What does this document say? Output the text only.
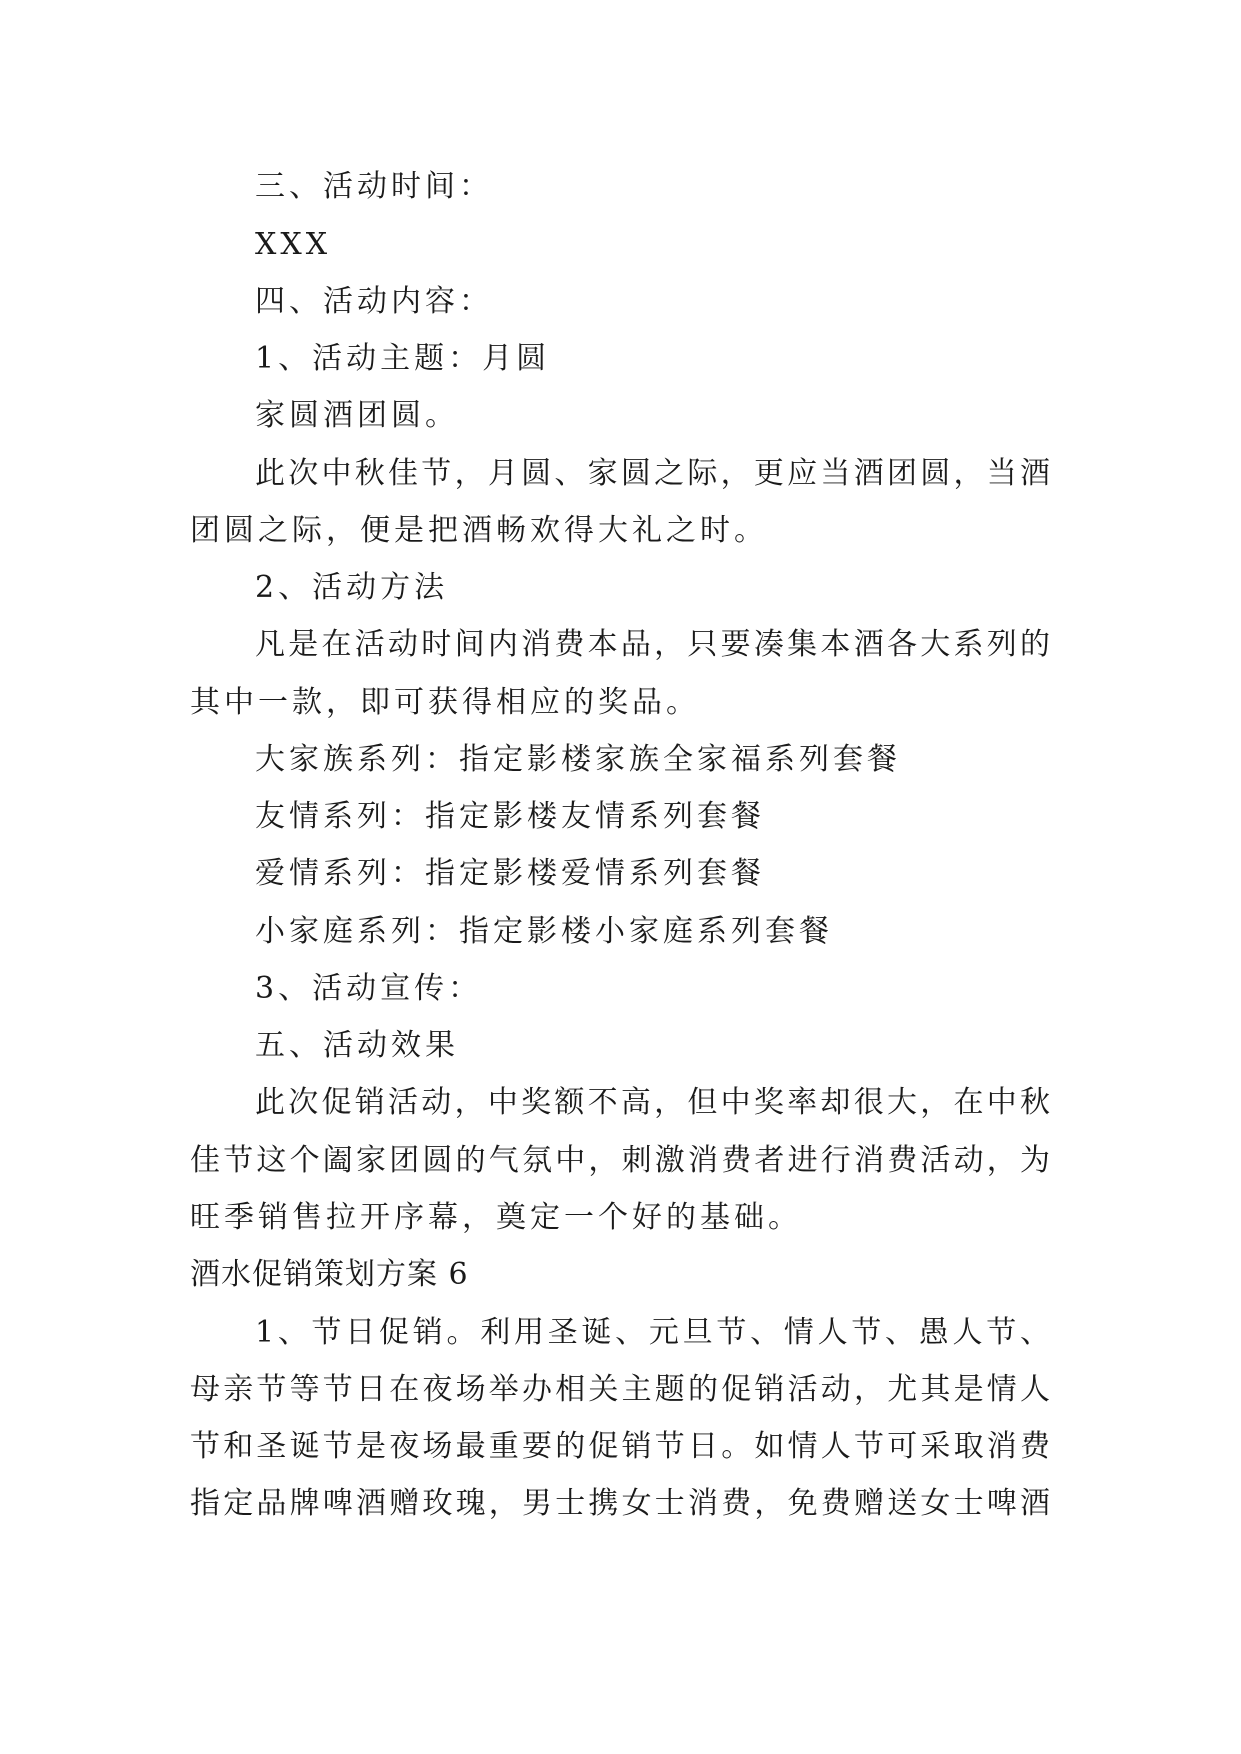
三、活动时间：
XXX
四、活动内容：
1、活动主题：月圆
家圆酒团圆。
此次中秋佳节，月圆、家圆之际，更应当酒团圆，当酒
团圆之际，便是把酒畅欢得大礼之时。
2、活动方法
凡是在活动时间内消费本品，只要凑集本酒各大系列的
其中一款，即可获得相应的奖品。
大家族系列：指定影楼家族全家福系列套餐
友情系列：指定影楼友情系列套餐
爱情系列：指定影楼爱情系列套餐
小家庭系列：指定影楼小家庭系列套餐
3、活动宣传：
五、活动效果
此次促销活动，中奖额不高，但中奖率却很大，在中秋
佳节这个阖家团圆的气氛中，刺激消费者进行消费活动，为
旺季销售拉开序幕，奠定一个好的基础。
酒水促销策划方案 6
1、节日促销。利用圣诞、元旦节、情人节、愚人节、
母亲节等节日在夜场举办相关主题的促销活动，尤其是情人
节和圣诞节是夜场最重要的促销节日。如情人节可采取消费
指定品牌啤酒赠玫瑰，男士携女士消费，免费赠送女士啤酒
